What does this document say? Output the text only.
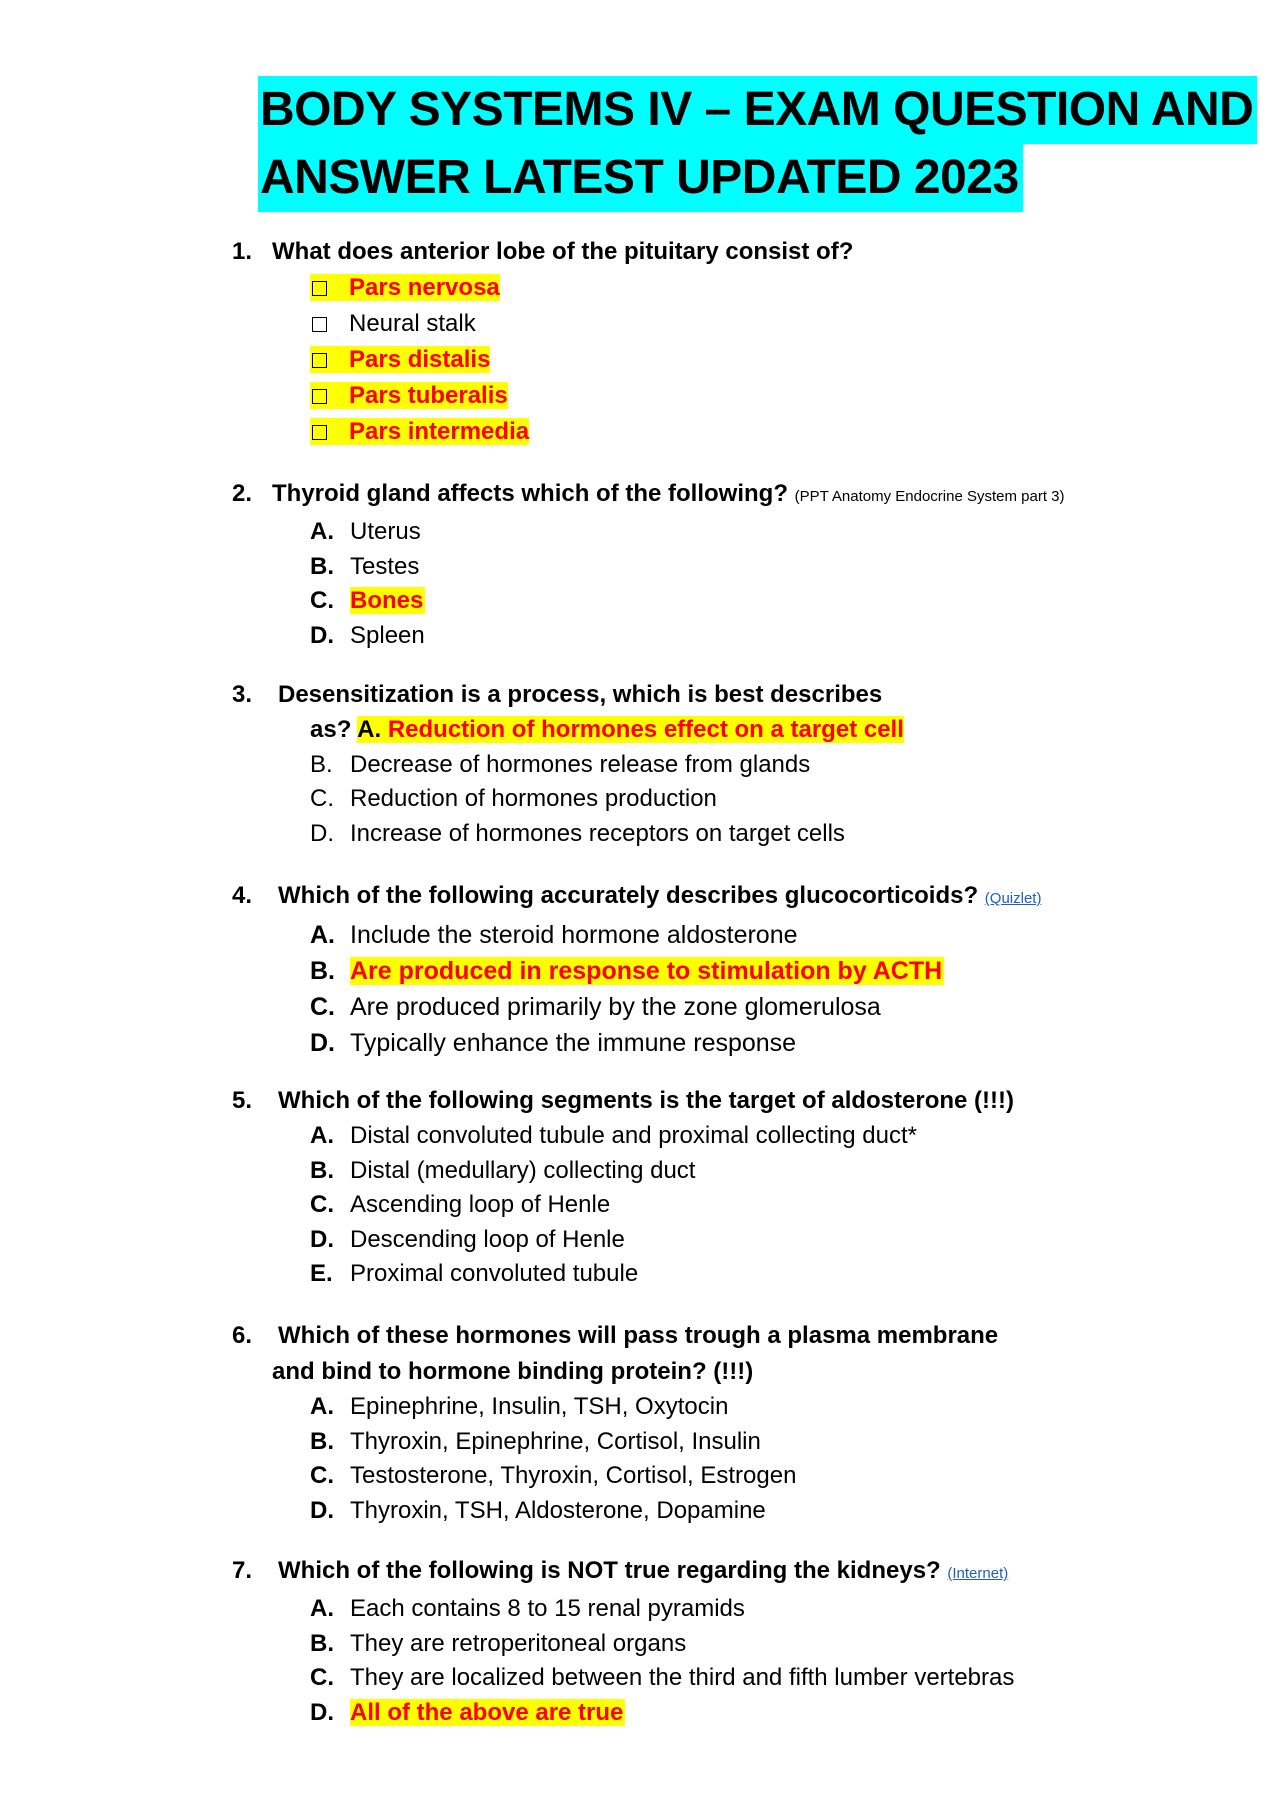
BODY SYSTEMS IV – EXAM QUESTION AND
ANSWER LATEST UPDATED 2023
1. What does anterior lobe of the pituitary consist of?
Pars nervosa
Neural stalk
Pars distalis
Pars tuberalis
Pars intermedia
2. Thyroid gland affects which of the following? (PPT Anatomy Endocrine System part 3)
A. Uterus
B. Testes
C. Bones
D. Spleen
3. Desensitization is a process, which is best describes
as? A. Reduction of hormones effect on a target cell
B. Decrease of hormones release from glands
C. Reduction of hormones production
D. Increase of hormones receptors on target cells
4. Which of the following accurately describes glucocorticoids? (Quizlet)
A. Include the steroid hormone aldosterone
B. Are produced in response to stimulation by ACTH
C. Are produced primarily by the zone glomerulosa
D. Typically enhance the immune response
5. Which of the following segments is the target of aldosterone (!!!)
A. Distal convoluted tubule and proximal collecting duct*
B. Distal (medullary) collecting duct
C. Ascending loop of Henle
D. Descending loop of Henle
E. Proximal convoluted tubule
6. Which of these hormones will pass trough a plasma membrane
and bind to hormone binding protein? (!!!)
A. Epinephrine, Insulin, TSH, Oxytocin
B. Thyroxin, Epinephrine, Cortisol, Insulin
C. Testosterone, Thyroxin, Cortisol, Estrogen
D. Thyroxin, TSH, Aldosterone, Dopamine
7. Which of the following is NOT true regarding the kidneys? (Internet)
A. Each contains 8 to 15 renal pyramids
B. They are retroperitoneal organs
C. They are localized between the third and fifth lumber vertebras
D. All of the above are true
